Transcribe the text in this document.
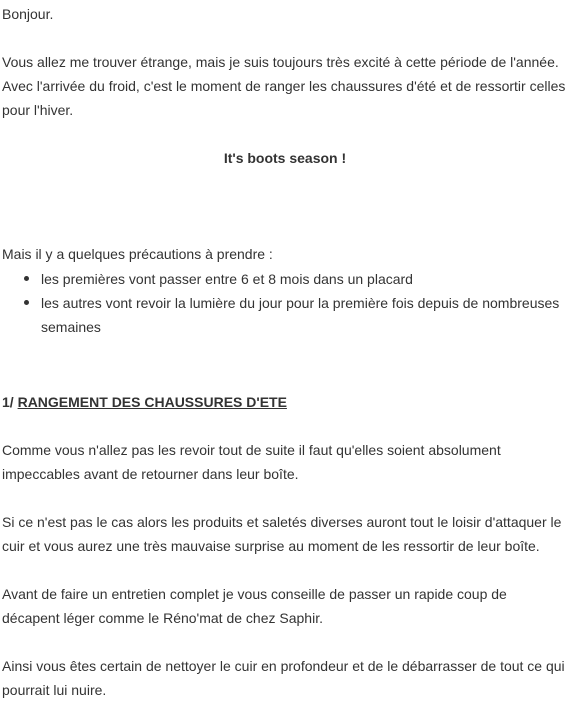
Bonjour.
Vous allez me trouver étrange, mais je suis toujours très excité à cette période de l'année.
Avec l'arrivée du froid, c'est le moment de ranger les chaussures d'été et de ressortir celles
pour l'hiver.
It's boots season !
Mais il y a quelques précautions à prendre :
les premières vont passer entre 6 et 8 mois dans un placard
les autres vont revoir la lumière du jour pour la première fois depuis de nombreuses
semaines
1/ RANGEMENT DES CHAUSSURES D'ETE
Comme vous n'allez pas les revoir tout de suite il faut qu'elles soient absolument
impeccables avant de retourner dans leur boîte.
Si ce n'est pas le cas alors les produits et saletés diverses auront tout le loisir d'attaquer le
cuir et vous aurez une très mauvaise surprise au moment de les ressortir de leur boîte.
Avant de faire un entretien complet je vous conseille de passer un rapide coup de
décapent léger comme le Réno'mat de chez Saphir.
Ainsi vous êtes certain de nettoyer le cuir en profondeur et de le débarrasser de tout ce qui
pourrait lui nuire.
